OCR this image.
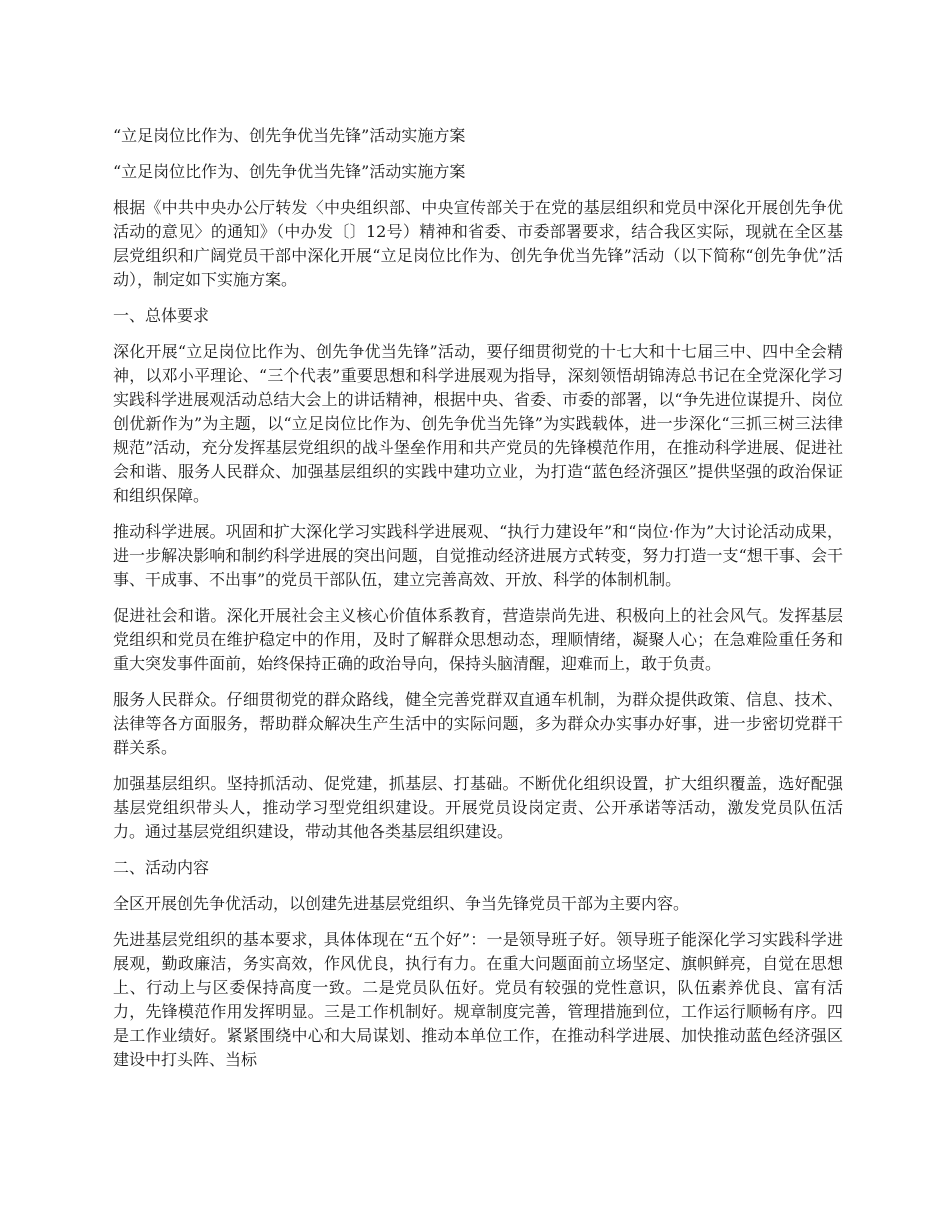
“立足岗位比作为、创先争优当先锋”活动实施方案

“立足岗位比作为、创先争优当先锋”活动实施方案

根据《中共中央办公厅转发〈中央组织部、中央宣传部关于在党的基层组织和党员中深化开展创先争优活动的意见〉的通知》（中办发〔〕12号）精神和省委、市委部署要求，结合我区实际，现就在全区基层党组织和广阔党员干部中深化开展“立足岗位比作为、创先争优当先锋”活动（以下简称“创先争优”活动），制定如下实施方案。

一、总体要求

深化开展“立足岗位比作为、创先争优当先锋”活动，要仔细贯彻党的十七大和十七届三中、四中全会精神，以邓小平理论、“三个代表”重要思想和科学进展观为指导，深刻领悟胡锦涛总书记在全党深化学习实践科学进展观活动总结大会上的讲话精神，根据中央、省委、市委的部署，以“争先进位谋提升、岗位创优新作为”为主题，以“立足岗位比作为、创先争优当先锋”为实践载体，进一步深化“三抓三树三法律规范”活动，充分发挥基层党组织的战斗堡垒作用和共产党员的先锋模范作用，在推动科学进展、促进社会和谐、服务人民群众、加强基层组织的实践中建功立业，为打造“蓝色经济强区”提供坚强的政治保证和组织保障。

推动科学进展。巩固和扩大深化学习实践科学进展观、“执行力建设年”和“岗位·作为”大讨论活动成果，进一步解决影响和制约科学进展的突出问题，自觉推动经济进展方式转变，努力打造一支“想干事、会干事、干成事、不出事”的党员干部队伍，建立完善高效、开放、科学的体制机制。

促进社会和谐。深化开展社会主义核心价值体系教育，营造崇尚先进、积极向上的社会风气。发挥基层党组织和党员在维护稳定中的作用，及时了解群众思想动态，理顺情绪，凝聚人心；在急难险重任务和重大突发事件面前，始终保持正确的政治导向，保持头脑清醒，迎难而上，敢于负责。

服务人民群众。仔细贯彻党的群众路线，健全完善党群双直通车机制，为群众提供政策、信息、技术、法律等各方面服务，帮助群众解决生产生活中的实际问题，多为群众办实事办好事，进一步密切党群干群关系。

加强基层组织。坚持抓活动、促党建，抓基层、打基础。不断优化组织设置，扩大组织覆盖，选好配强基层党组织带头人，推动学习型党组织建设。开展党员设岗定责、公开承诺等活动，激发党员队伍活力。通过基层党组织建设，带动其他各类基层组织建设。

二、活动内容

全区开展创先争优活动，以创建先进基层党组织、争当先锋党员干部为主要内容。

先进基层党组织的基本要求，具体体现在“五个好”：一是领导班子好。领导班子能深化学习实践科学进展观，勤政廉洁，务实高效，作风优良，执行有力。在重大问题面前立场坚定、旗帜鲜亮，自觉在思想上、行动上与区委保持高度一致。二是党员队伍好。党员有较强的党性意识，队伍素养优良、富有活力，先锋模范作用发挥明显。三是工作机制好。规章制度完善，管理措施到位，工作运行顺畅有序。四是工作业绩好。紧紧围绕中心和大局谋划、推动本单位工作，在推动科学进展、加快推动蓝色经济强区建设中打头阵、当标
